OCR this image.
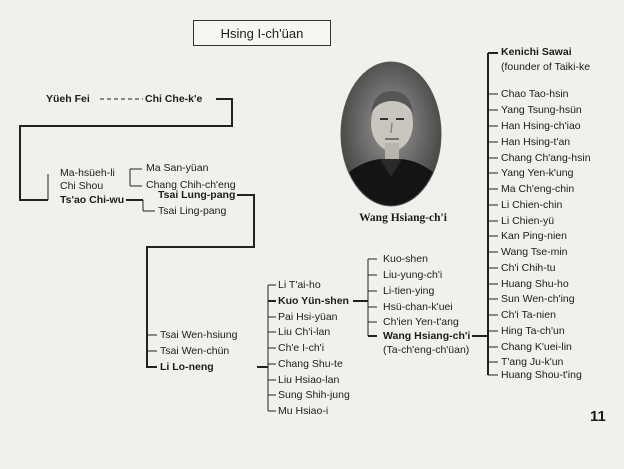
Hsing I-ch'üan
Wang Hsiang-ch'i
Yüeh Fei	Chi Che-k'e
Ma-hsüeh-li
Chi Shou
Ts'ao Chi-wu
Ma San-yüan
Chang Chih-ch'eng
Tsai Lung-pang
Tsai Ling-pang
Tsai Wen-hsiung
Tsai Wen-chün
Li Lo-neng
Li T'ai-ho
Kuo Yün-shen
Pai Hsi-yüan
Liu Ch'i-lan
Ch'e I-ch'i
Chang Shu-te
Liu Hsiao-lan
Sung Shih-jung
Mu Hsiao-i
Kuo-shen
Liu-yung-ch'i
Li-tien-ying
Hsü-chan-k'uei
Ch'ien Yen-t'ang
Wang Hsiang-ch'i
(Ta-ch'eng-ch'üan)
Kenichi Sawai
(founder of Taiki-ke
Chao Tao-hsin
Yang Tsung-hsün
Han Hsing-ch'iao
Han Hsing-t'an
Chang Ch'ang-hsin
Yang Yen-k'ung
Ma Ch'eng-chin
Li Chien-chin
Li Chien-yü
Kan Ping-nien
Wang Tse-min
Ch'i Chih-tu
Huang Shu-ho
Sun Wen-ch'ing
Ch'i Ta-nien
Hing Ta-ch'un
Chang K'uei-lin
T'ang Ju-k'un
Huang Shou-t'ing
11
